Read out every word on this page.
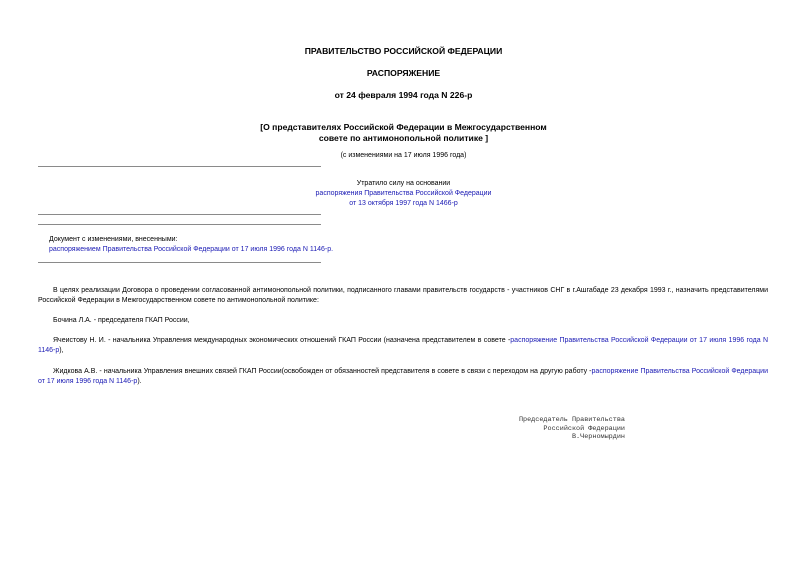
ПРАВИТЕЛЬСТВО РОССИЙСКОЙ ФЕДЕРАЦИИ
РАСПОРЯЖЕНИЕ
от 24 февраля 1994 года N 226-р
[О представителях Российской Федерации в Межгосударственном
совете по антимонопольной политике ]
(с изменениями на 17 июля 1996 года)
Утратило силу на основании
распоряжения Правительства Российской Федерации
от 13 октября 1997 года N 1466-р
Документ с изменениями, внесенными:
распоряжением Правительства Российской Федерации от 17 июля 1996 года N 1146-р.
В целях реализации Договора о проведении согласованной антимонопольной политики, подписанного главами правительств государств - участников СНГ в г.Ашгабаде 23 декабря 1993 г., назначить представителями Российской Федерации в Межгосударственном совете по антимонопольной политике:
Бочина Л.А. - председателя ГКАП России,
Ячеистову Н. И. - начальника Управления международных экономических отношений ГКАП России (назначена представителем в совете -распоряжение Правительства Российской Федерации от 17 июля 1996 года N 1146-р),
Жидкова А.В. - начальника Управления внешних связей ГКАП России(освобожден от обязанностей представителя в совете в связи с переходом на другую работу -распоряжение Правительства Российской Федерации от 17 июля 1996 года N 1146-р).
Председатель Правительства
Российской Федерации
В.Черномырдин
